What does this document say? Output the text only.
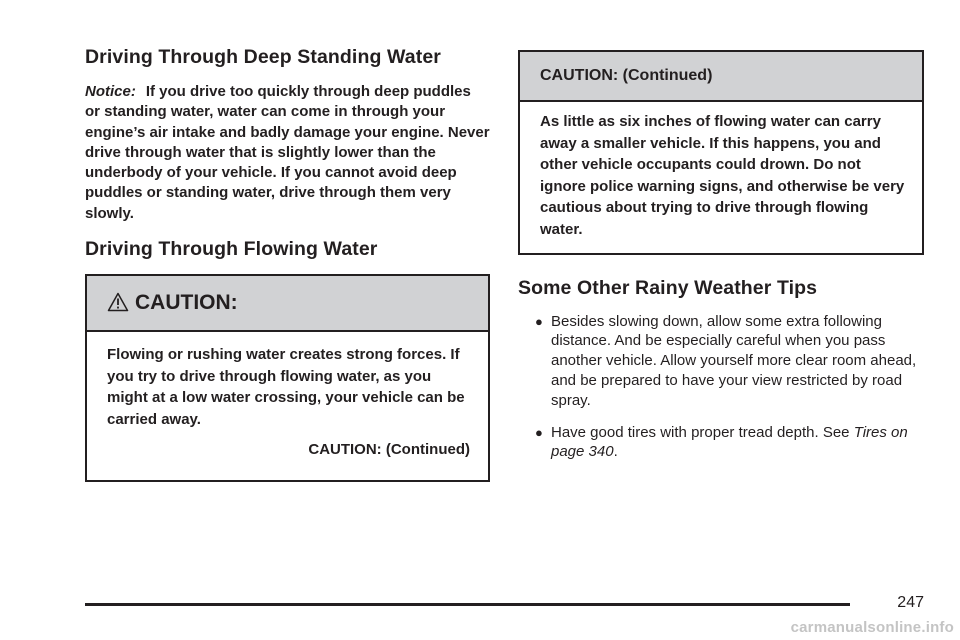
Driving Through Deep Standing Water

Notice: If you drive too quickly through deep puddles or standing water, water can come in through your engine’s air intake and badly damage your engine. Never drive through water that is slightly lower than the underbody of your vehicle. If you cannot avoid deep puddles or standing water, drive through them very slowly.

Driving Through Flowing Water
CAUTION:
Flowing or rushing water creates strong forces. If you try to drive through flowing water, as you might at a low water crossing, your vehicle can be carried away.
CAUTION: (Continued)
CAUTION: (Continued)
As little as six inches of flowing water can carry away a smaller vehicle. If this happens, you and other vehicle occupants could drown. Do not ignore police warning signs, and otherwise be very cautious about trying to drive through flowing water.
Some Other Rainy Weather Tips
● Besides slowing down, allow some extra following distance. And be especially careful when you pass another vehicle. Allow yourself more clear room ahead, and be prepared to have your view restricted by road spray.
● Have good tires with proper tread depth. See Tires on page 340.
247
carmanualsonline.info
